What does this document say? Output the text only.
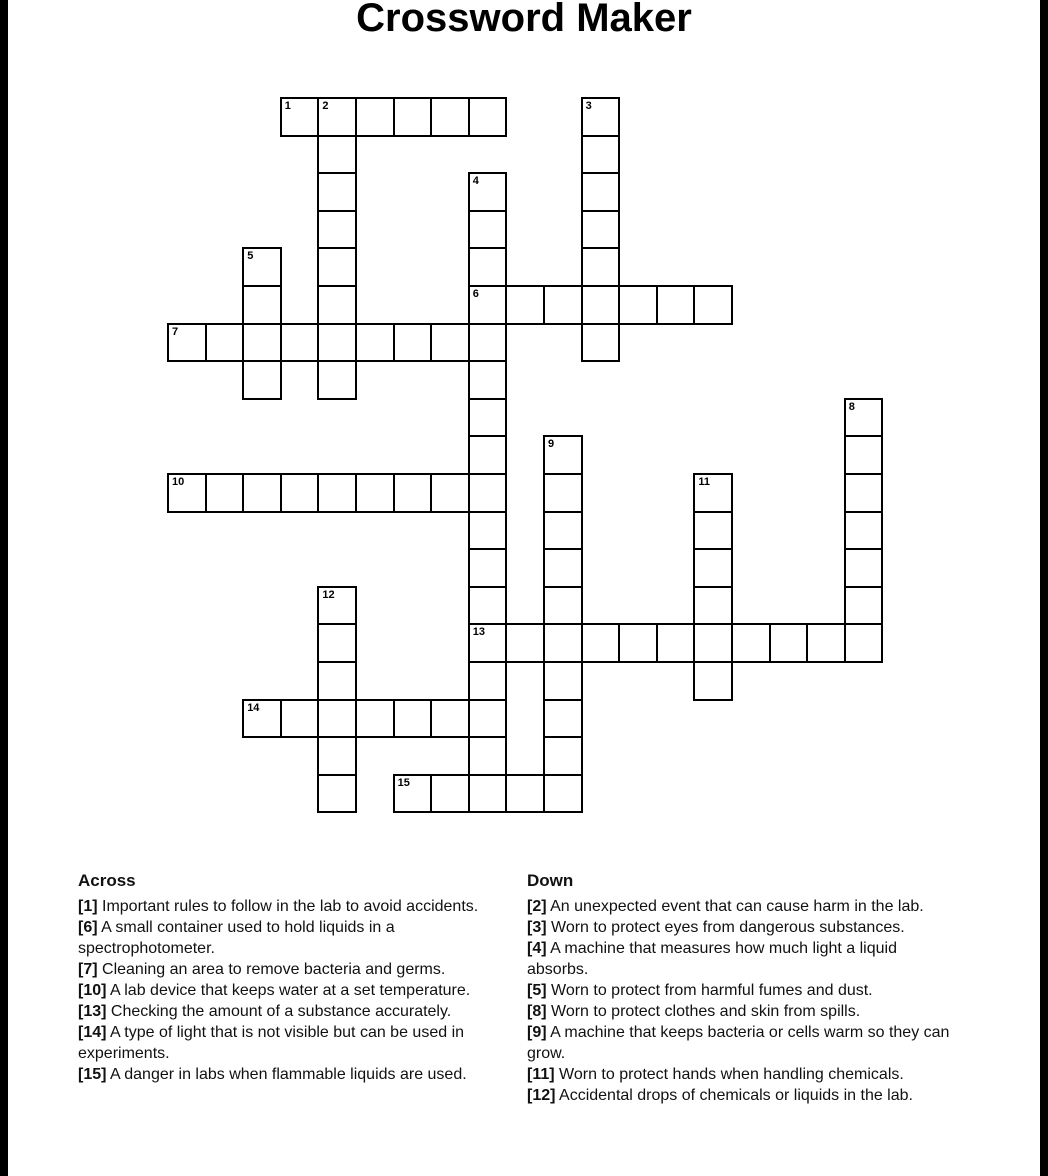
Crossword Maker
1	2	3
4
6
13
5
7
8
9
10	11
12
14
15
Across

[1] Important rules to follow in the lab to avoid accidents.

[6] A small container used to hold liquids in a spectrophotometer.

[7] Cleaning an area to remove bacteria and germs.

[10] A lab device that keeps water at a set temperature.

[13] Checking the amount of a substance accurately.

[14] A type of light that is not visible but can be used in experiments.

[15] A danger in labs when flammable liquids are used.

Down

[2] An unexpected event that can cause harm in the lab.

[3] Worn to protect eyes from dangerous substances.

[4] A machine that measures how much light a liquid absorbs.

[5] Worn to protect from harmful fumes and dust.

[8] Worn to protect clothes and skin from spills.

[9] A machine that keeps bacteria or cells warm so they can grow.

[11] Worn to protect hands when handling chemicals.

[12] Accidental drops of chemicals or liquids in the lab.
